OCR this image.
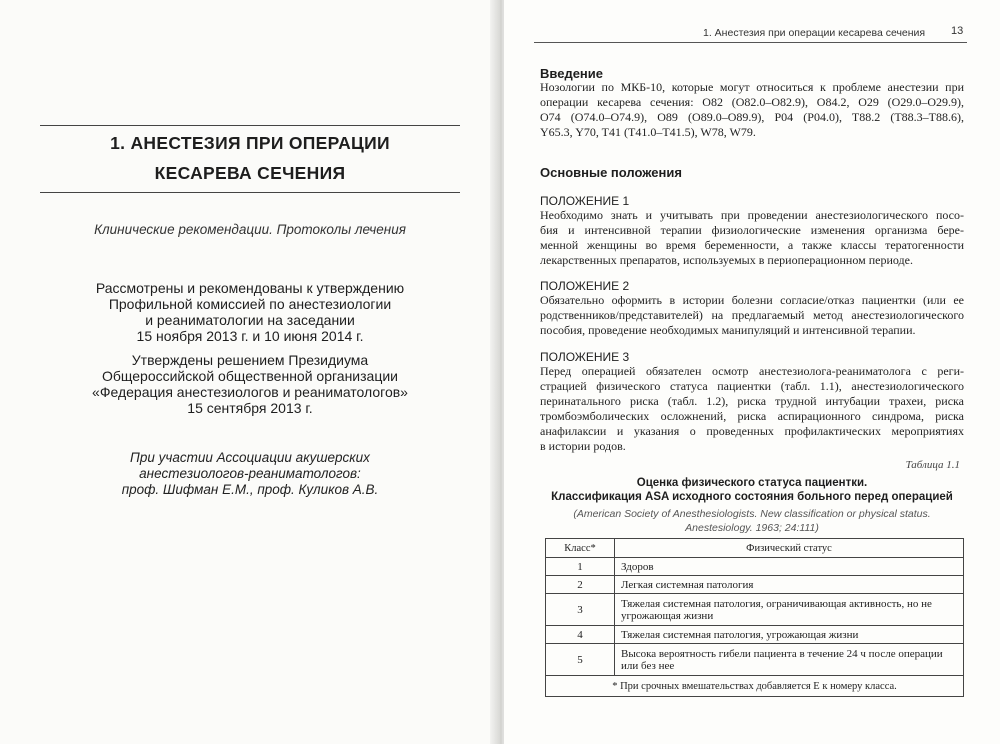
1. АНЕСТЕЗИЯ ПРИ ОПЕРАЦИИ
КЕСАРЕВА СЕЧЕНИЯ
Клинические рекомендации. Протоколы лечения
Рассмотрены и рекомендованы к утверждению
Профильной комиссией по анестезиологии
и реаниматологии на заседании
15 ноября 2013 г. и 10 июня 2014 г.
Утверждены решением Президиума
Общероссийской общественной организации
«Федерация анестезиологов и реаниматологов»
15 сентября 2013 г.
При участии Ассоциации акушерских
анестезиологов-реаниматологов:
проф. Шифман Е.М., проф. Куликов А.В.
1. Анестезия при операции кесарева сечения 13
Введение
Нозологии по МКБ-10, которые могут относиться к проблеме анестезии при
операции кесарева сечения: O82 (O82.0–O82.9), O84.2, O29 (O29.0–O29.9),
O74 (O74.0–O74.9), O89 (O89.0–O89.9), P04 (P04.0), T88.2 (T88.3–T88.6),
Y65.3, Y70, T41 (T41.0–T41.5), W78, W79.
Основные положения
ПОЛОЖЕНИЕ 1
Необходимо знать и учитывать при проведении анестезиологического посо-
бия и интенсивной терапии физиологические изменения организма бере-
менной женщины во время беременности, а также классы тератогенности
лекарственных препаратов, используемых в периоперационном периоде.
ПОЛОЖЕНИЕ 2
Обязательно оформить в истории болезни согласие/отказ пациентки (или ее
родственников/представителей) на предлагаемый метод анестезиологического
пособия, проведение необходимых манипуляций и интенсивной терапии.
ПОЛОЖЕНИЕ 3
Перед операцией обязателен осмотр анестезиолога-реаниматолога с реги-
страцией физического статуса пациентки (табл. 1.1), анестезиологического
перинатального риска (табл. 1.2), риска трудной интубации трахеи, риска
тромбоэмболических осложнений, риска аспирационного синдрома, риска
анафилаксии и указания о проведенных профилактических мероприятиях
в истории родов.
Таблица 1.1
Оценка физического статуса пациентки.
Классификация ASA исходного состояния больного перед операцией
(American Society of Anesthesiologists. New classification or physical status.
Anestesiology. 1963; 24:111)
Класс*	Физический статус
1	Здоров
2	Легкая системная патология
3	Тяжелая системная патология, ограничивающая активность, но не угрожающая жизни
4	Тяжелая системная патология, угрожающая жизни
5	Высока вероятность гибели пациента в течение 24 ч после операции или без нее
* При срочных вмешательствах добавляется Е к номеру класса.	
